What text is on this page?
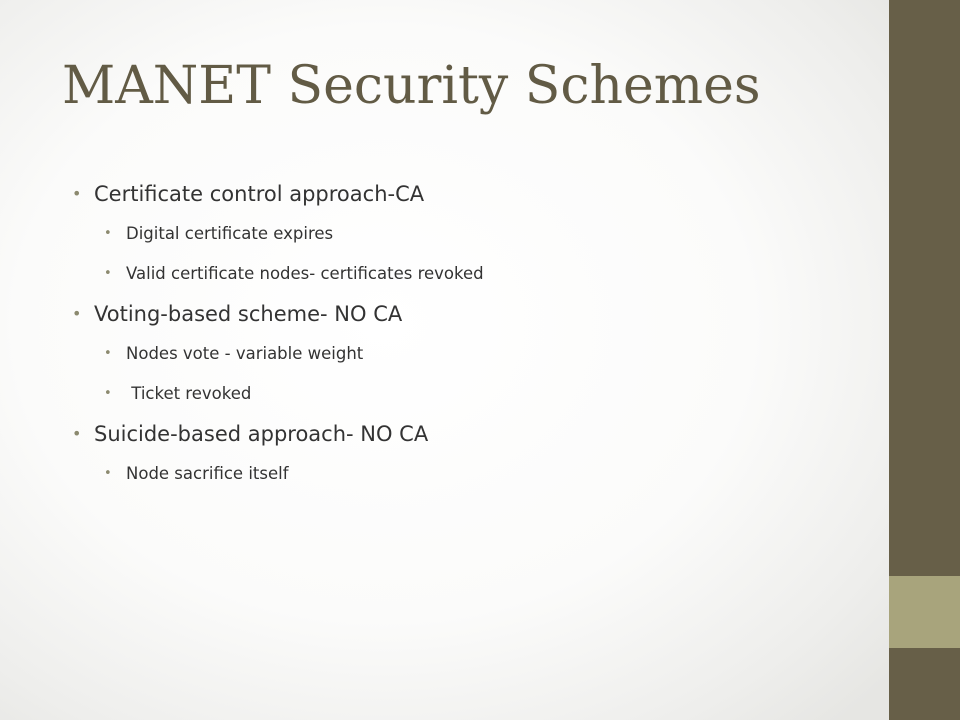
MANET Security Schemes
• Certificate control approach-CA
• Digital certificate expires
• Valid certificate nodes- certificates revoked
• Voting-based scheme- NO CA
• Nodes vote - variable weight
• Ticket revoked
• Suicide-based approach- NO CA
• Node sacrifice itself
